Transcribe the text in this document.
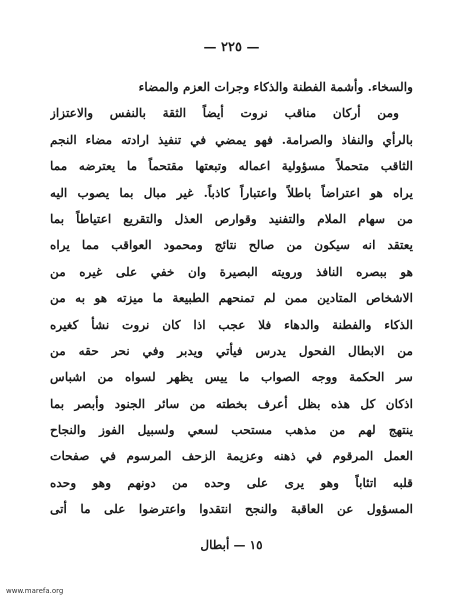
— ٢٢٥ —
والسخاء. وأشمة الفطنة والذكاء وجرات العزم والمضاء
ومن أركان مناقب نروت أيضاً الثقة بالنفس والاعتزاز
بالرأي والنفاذ والصرامة. فهو يمضي في تنفيذ ارادته مضاء النجم
الثاقب متحملاً مسؤولية اعماله وتبعتها مقتحماً ما يعترضه مما
يراه هو اعتراضاً باطلاً واعتباراً كاذباً. غير مبال بما يصوب اليه
من سهام الملام والتفنيد وقوارص العذل والتقريع اعتياطاً بما
يعتقد انه سيكون من صالح نتائج ومحمود العواقب مما يراه
هو ببصره النافذ ورويته البصيرة وان خفي على غيره من
الاشخاص المتادين ممن لم تمنحهم الطبيعة ما ميزته هو به من
الذكاء والفطنة والدهاء فلا عجب اذا كان نروت نشأ كغيره
من الابطال الفحول يدرس فيأتي ويدبر وفي نحر حقه من
سر الحكمة ووجه الصواب ما ييس يظهر لسواه من اشباس
اذكان كل هذه بظل أعرف بخطته من سائر الجنود وأبصر بما
ينتهج لهم من مذهب مستحب لسعي ولسبيل الفوز والنجاح
العمل المرقوم في ذهنه وعزيمة الزحف المرسوم في صفحات
قلبه اتئاباً وهو يرى على وحده من دونهم وهو وحده
المسؤول عن العاقبة والنجح انتقدوا واعترضوا على ما أتى
١٥ — أبطال
www.marefa.org
